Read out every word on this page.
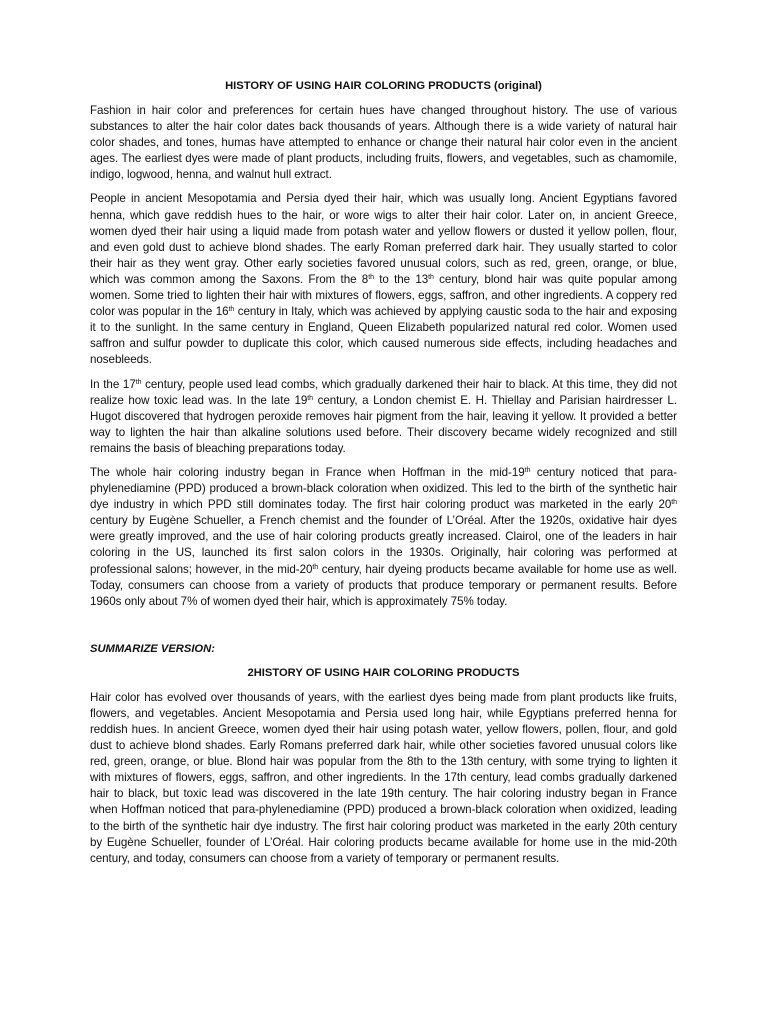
HISTORY OF USING HAIR COLORING PRODUCTS (original)

Fashion in hair color and preferences for certain hues have changed throughout history. The use of various substances to alter the hair color dates back thousands of years. Although there is a wide variety of natural hair color shades, and tones, humas have attempted to enhance or change their natural hair color even in the ancient ages. The earliest dyes were made of plant products, including fruits, flowers, and vegetables, such as chamomile, indigo, logwood, henna, and walnut hull extract.

People in ancient Mesopotamia and Persia dyed their hair, which was usually long. Ancient Egyptians favored henna, which gave reddish hues to the hair, or wore wigs to alter their hair color. Later on, in ancient Greece, women dyed their hair using a liquid made from potash water and yellow flowers or dusted it yellow pollen, flour, and even gold dust to achieve blond shades. The early Roman preferred dark hair. They usually started to color their hair as they went gray. Other early societies favored unusual colors, such as red, green, orange, or blue, which was common among the Saxons. From the 8th to the 13th century, blond hair was quite popular among women. Some tried to lighten their hair with mixtures of flowers, eggs, saffron, and other ingredients. A coppery red color was popular in the 16th century in Italy, which was achieved by applying caustic soda to the hair and exposing it to the sunlight. In the same century in England, Queen Elizabeth popularized natural red color. Women used saffron and sulfur powder to duplicate this color, which caused numerous side effects, including headaches and nosebleeds.

In the 17th century, people used lead combs, which gradually darkened their hair to black. At this time, they did not realize how toxic lead was. In the late 19th century, a London chemist E. H. Thiellay and Parisian hairdresser L. Hugot discovered that hydrogen peroxide removes hair pigment from the hair, leaving it yellow. It provided a better way to lighten the hair than alkaline solutions used before. Their discovery became widely recognized and still remains the basis of bleaching preparations today.

The whole hair coloring industry began in France when Hoffman in the mid-19th century noticed that para-phylenediamine (PPD) produced a brown-black coloration when oxidized. This led to the birth of the synthetic hair dye industry in which PPD still dominates today. The first hair coloring product was marketed in the early 20th century by Eugène Schueller, a French chemist and the founder of L’Oréal. After the 1920s, oxidative hair dyes were greatly improved, and the use of hair coloring products greatly increased. Clairol, one of the leaders in hair coloring in the US, launched its first salon colors in the 1930s. Originally, hair coloring was performed at professional salons; however, in the mid-20th century, hair dyeing products became available for home use as well. Today, consumers can choose from a variety of products that produce temporary or permanent results. Before 1960s only about 7% of women dyed their hair, which is approximately 75% today.

SUMMARIZE VERSION:
2HISTORY OF USING HAIR COLORING PRODUCTS

Hair color has evolved over thousands of years, with the earliest dyes being made from plant products like fruits, flowers, and vegetables. Ancient Mesopotamia and Persia used long hair, while Egyptians preferred henna for reddish hues. In ancient Greece, women dyed their hair using potash water, yellow flowers, pollen, flour, and gold dust to achieve blond shades. Early Romans preferred dark hair, while other societies favored unusual colors like red, green, orange, or blue. Blond hair was popular from the 8th to the 13th century, with some trying to lighten it with mixtures of flowers, eggs, saffron, and other ingredients. In the 17th century, lead combs gradually darkened hair to black, but toxic lead was discovered in the late 19th century. The hair coloring industry began in France when Hoffman noticed that para-phylenediamine (PPD) produced a brown-black coloration when oxidized, leading to the birth of the synthetic hair dye industry. The first hair coloring product was marketed in the early 20th century by Eugène Schueller, founder of L’Oréal. Hair coloring products became available for home use in the mid-20th century, and today, consumers can choose from a variety of temporary or permanent results.
